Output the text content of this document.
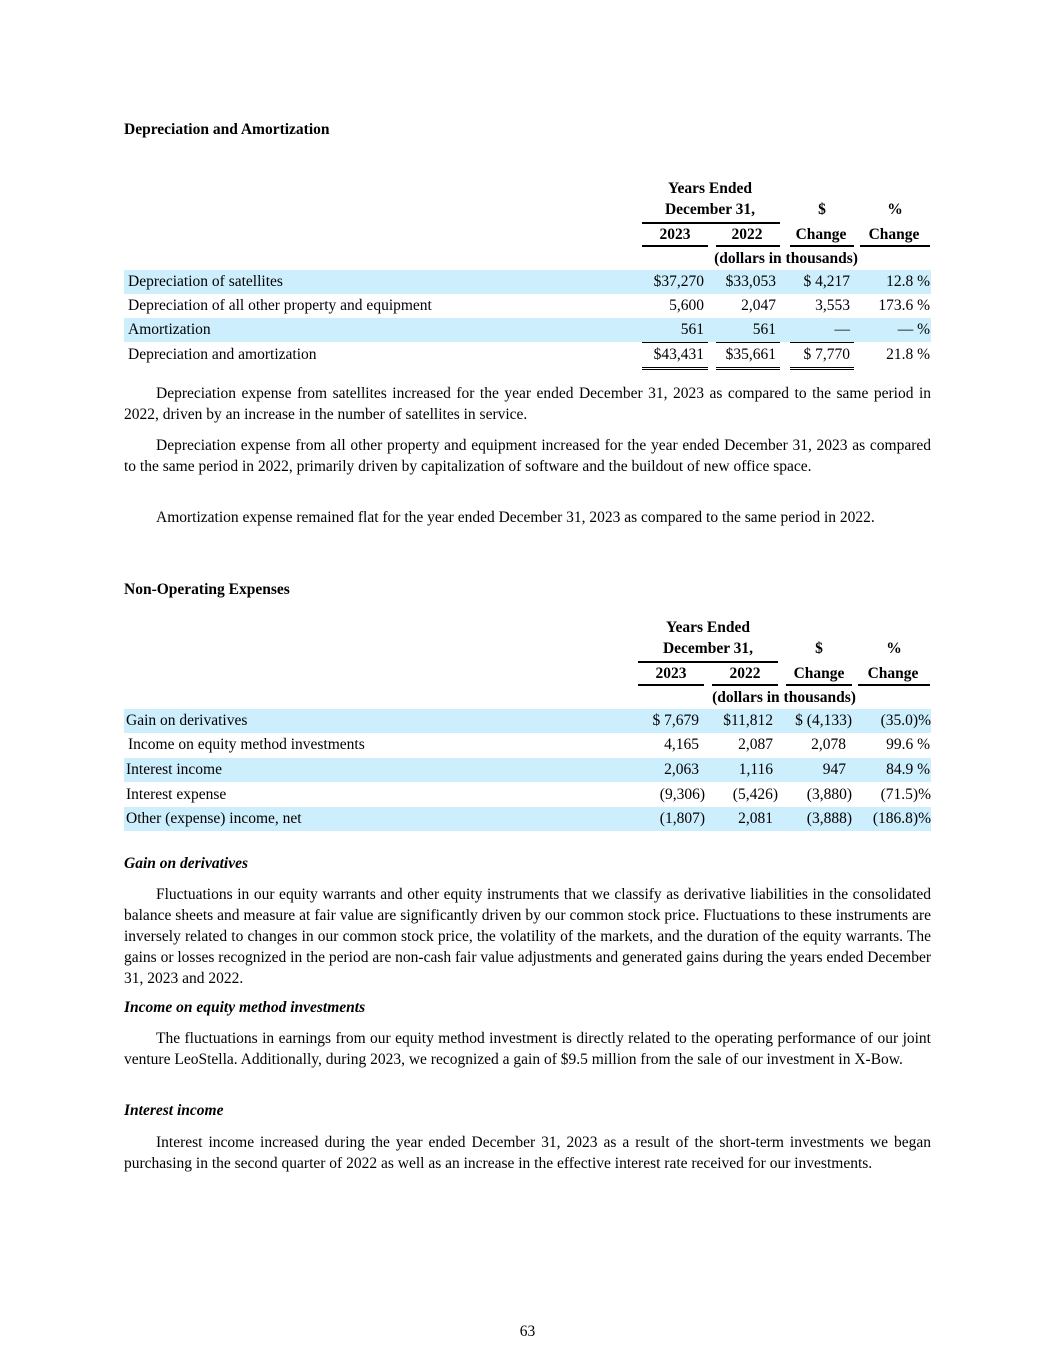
Depreciation and Amortization
Years Ended
December 31,	$	%
2023	2022	Change	Change
(dollars in thousands)
Depreciation of satellites	$37,270 $33,053 $ 4,217 12.8 %
Depreciation of all other property and equipment	5,600 2,047	3,553 173.6 %
Amortization	561	561	—	— %
Depreciation and amortization	$43,431 $35,661 $ 7,770 21.8 %

Depreciation expense from satellites increased for the year ended December 31, 2023 as compared to the same period in 2022, driven by an increase in the number of satellites in service.

Depreciation expense from all other property and equipment increased for the year ended December 31, 2023 as compared to the same period in 2022, primarily driven by capitalization of software and the buildout of new office space.

Amortization expense remained flat for the year ended December 31, 2023 as compared to the same period in 2022.

Non-Operating Expenses
Years Ended
December 31,	$	%
2023	2022	Change	Change
(dollars in thousands)
Gain on derivatives	$ 7,679 $11,812 $ (4,133) (35.0)%
Income on equity method investments	4,165	2,087 2,078	99.6 %
Interest income	2,063	1,116	947	84.9 %
Interest expense	(9,306) (5,426) (3,880) (71.5)%
Other (expense) income, net	(1,807) 2,081 (3,888) (186.8)%
Gain on derivatives

Fluctuations in our equity warrants and other equity instruments that we classify as derivative liabilities in the consolidated balance sheets and measure at fair value are significantly driven by our common stock price. Fluctuations to these instruments are inversely related to changes in our common stock price, the volatility of the markets, and the duration of the equity warrants. The gains or losses recognized in the period are non-cash fair value adjustments and generated gains during the years ended December 31, 2023 and 2022.

Income on equity method investments

The fluctuations in earnings from our equity method investment is directly related to the operating performance of our joint venture LeoStella. Additionally, during 2023, we recognized a gain of $9.5 million from the sale of our investment in X-Bow.

Interest income

Interest income increased during the year ended December 31, 2023 as a result of the short-term investments we began purchasing in the second quarter of 2022 as well as an increase in the effective interest rate received for our investments.

63
